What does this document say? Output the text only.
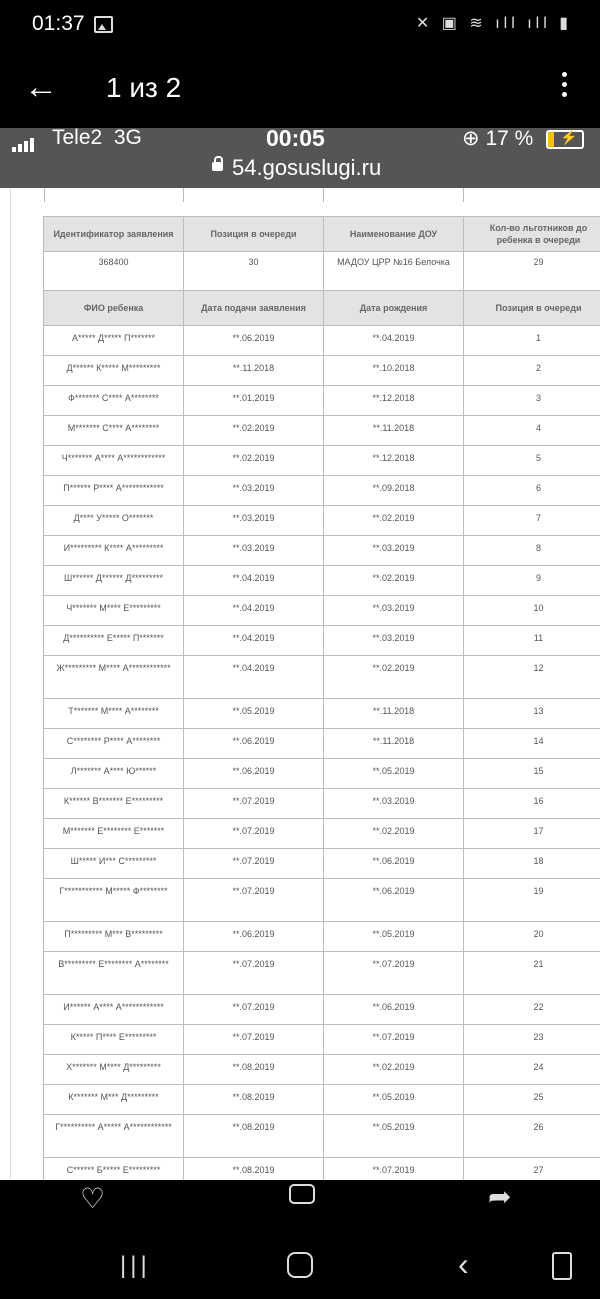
01:37	✕ ▣ ≋ ıll ıll ▮
← 1 из 2
Tele2 3G	00:05	⊕ 17 %
⚡
54.gosuslugi.ru
Идентификатор заявления	Позиция в очереди	Наименование ДОУ	Кол-во льготников до ребенка в очереди
368400	30	МАДОУ ЦРР №16 Белочка	29
ФИО ребенка	Дата подачи заявления	Дата рождения	Позиция в очереди
А***** Д***** П*******	**.06.2019	**.04.2019	1
Д****** К***** М*********	**.11.2018	**.10.2018	2
Ф******* С**** А********	**.01.2019	**.12.2018	3
М******* С**** А********	**.02.2019	**.11.2018	4
Ч******* А**** А************	**.02.2019	**.12.2018	5
П****** Р**** А************	**.03.2019	**.09.2018	6
Д**** У***** О*******	**.03.2019	**.02.2019	7
И********* К**** А*********	**.03.2019	**.03.2019	8
Ш****** Д****** Д*********	**.04.2019	**.02.2019	9
Ч******* М**** Е*********	**.04.2019	**.03.2019	10
Д********** Е***** П*******	**.04.2019	**.03.2019	11
Ж********* М**** А************	**.04.2019	**.02.2019	12
Т******* М**** А********	**.05.2019	**.11.2018	13
С******** Р**** А********	**.06.2019	**.11.2018	14
Л******* А**** Ю******	**.06.2019	**.05.2019	15
К****** В******* Е*********	**.07.2019	**.03.2019	16
М******* Е******** Е*******	**.07.2019	**.02.2019	17
Ш***** И*** С*********	**.07.2019	**.06.2019	18
Г*********** М***** Ф********	**.07.2019	**.06.2019	19
П********* М*** В*********	**.06.2019	**.05.2019	20
В********* Е******** А********	**.07.2019	**.07.2019	21
И****** А**** А************	**.07.2019	**.06.2019	22
К***** П**** Е*********	**.07.2019	**.07.2019	23
Х******* М**** Д*********	**.08.2019	**.02.2019	24
К******* М*** Д*********	**.08.2019	**.05.2019	25
Г********** А***** А************	**.08.2019	**.05.2019	26
С****** Б***** Е*********	**.08.2019	**.07.2019	27

♡	➦
|||	‹
